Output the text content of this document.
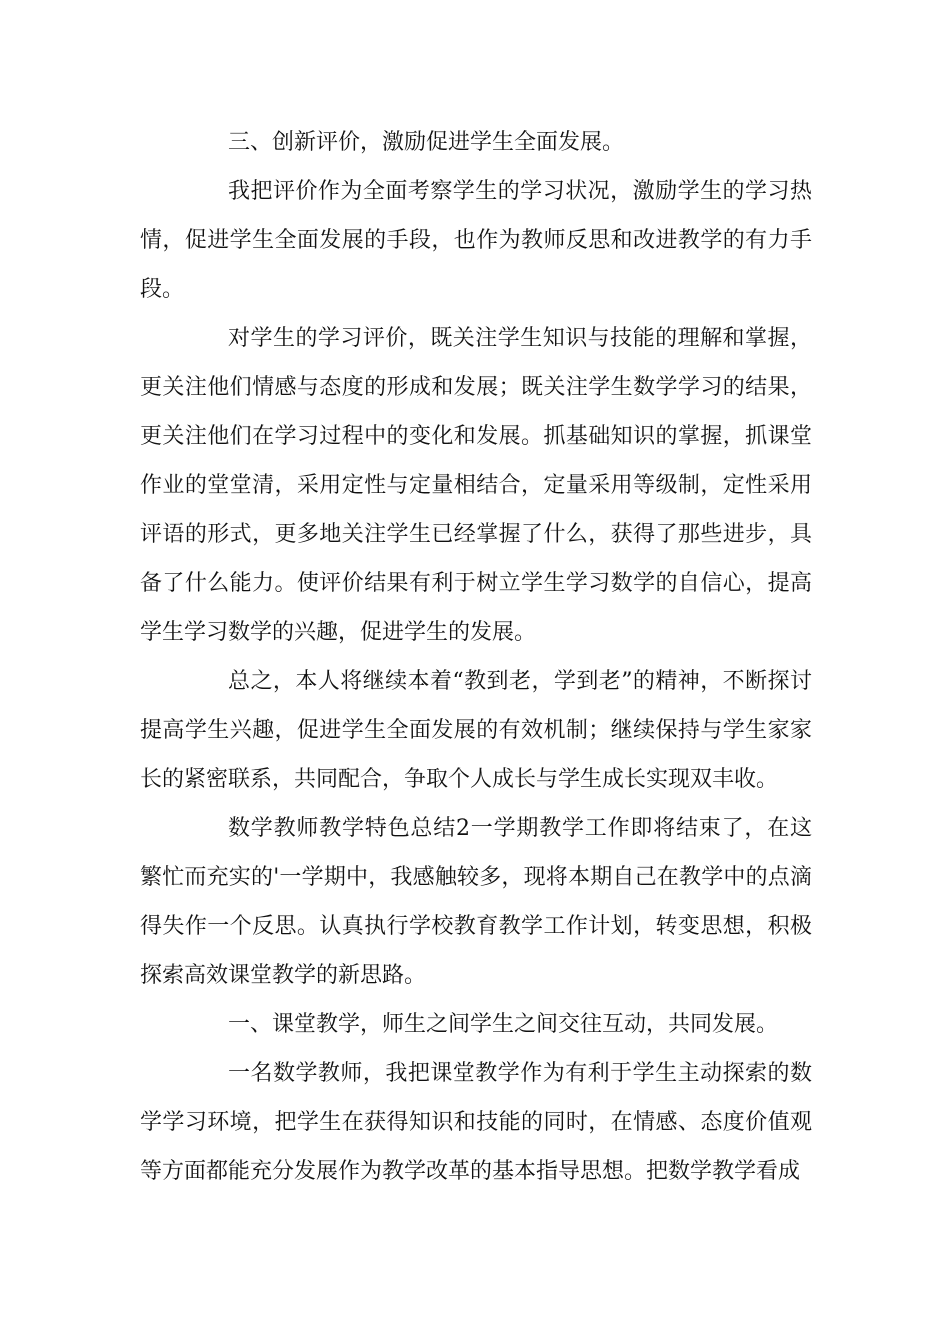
三、创新评价，激励促进学生全面发展。

我把评价作为全面考察学生的学习状况，激励学生的学习热情，促进学生全面发展的手段，也作为教师反思和改进教学的有力手段。

对学生的学习评价，既关注学生知识与技能的理解和掌握，更关注他们情感与态度的形成和发展；既关注学生数学学习的结果，更关注他们在学习过程中的变化和发展。抓基础知识的掌握，抓课堂作业的堂堂清，采用定性与定量相结合，定量采用等级制，定性采用评语的形式，更多地关注学生已经掌握了什么，获得了那些进步，具备了什么能力。使评价结果有利于树立学生学习数学的自信心，提高学生学习数学的兴趣，促进学生的发展。

总之，本人将继续本着“教到老，学到老”的精神，不断探讨提高学生兴趣，促进学生全面发展的有效机制；继续保持与学生家家长的紧密联系，共同配合，争取个人成长与学生成长实现双丰收。

数学教师教学特色总结2一学期教学工作即将结束了，在这繁忙而充实的'一学期中，我感触较多，现将本期自己在教学中的点滴得失作一个反思。认真执行学校教育教学工作计划，转变思想，积极探索高效课堂教学的新思路。

一、课堂教学，师生之间学生之间交往互动，共同发展。

一名数学教师，我把课堂教学作为有利于学生主动探索的数学学习环境，把学生在获得知识和技能的同时，在情感、态度价值观等方面都能充分发展作为教学改革的基本指导思想。把数学教学看成
